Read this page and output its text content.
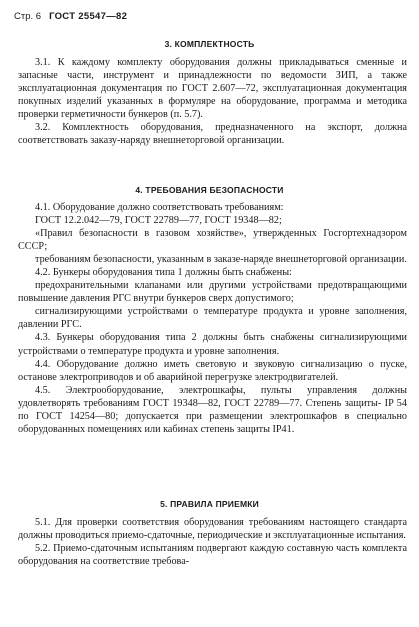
Стр. 6 ГОСТ 25547—82
3. КОМПЛЕКТНОСТЬ

3.1. К каждому комплекту оборудования должны прикладываться сменные и запасные части, инструмент и принадлежности по ведомости ЗИП, а также эксплуатационная документация по ГОСТ 2.607—72, эксплуатационная документация покупных изделий указанных в формуляре на оборудование, программа и методика проверки герметичности бункеров (п. 5.7).

3.2. Комплектность оборудования, предназначенного на экспорт, должна соответствовать заказу-наряду внешнеторговой организации.

4. ТРЕБОВАНИЯ БЕЗОПАСНОСТИ

4.1. Оборудование должно соответствовать требованиям:

ГОСТ 12.2.042—79, ГОСТ 22789—77, ГОСТ 19348—82;

«Правил безопасности в газовом хозяйстве», утвержденных Госгортехнадзором СССР;

требованиям безопасности, указанным в заказе-наряде внешнеторговой организации.

4.2. Бункеры оборудования типа 1 должны быть снабжены:

предохранительными клапанами или другими устройствами предотвращающими повышение давления РГС внутри бункеров сверх допустимого;

сигнализирующими устройствами о температуре продукта и уровне заполнения, давлении РГС.

4.3. Бункеры оборудования типа 2 должны быть снабжены сигнализирующими устройствами о температуре продукта и уровне заполнения.

4.4. Оборудование должно иметь световую и звуковую сигнализацию о пуске, останове электроприводов и об аварийной перегрузке электродвигателей.

4.5. Электрооборудование, электрошкафы, пульты управления должны удовлетворять требованиям ГОСТ 19348—82, ГОСТ 22789—77. Степень защиты- IP 54 по ГОСТ 14254—80; допускается при размещении электрошкафов в специально оборудованных помещениях или кабинах степень защиты IP41.

5. ПРАВИЛА ПРИЕМКИ

5.1. Для проверки соответствия оборудования требованиям настоящего стандарта должны проводиться приемо-сдаточные, периодические и эксплуатационные испытания.

5.2. Приемо-сдаточным испытаниям подвергают каждую составную часть комплекта оборудования на соответствие требова-
